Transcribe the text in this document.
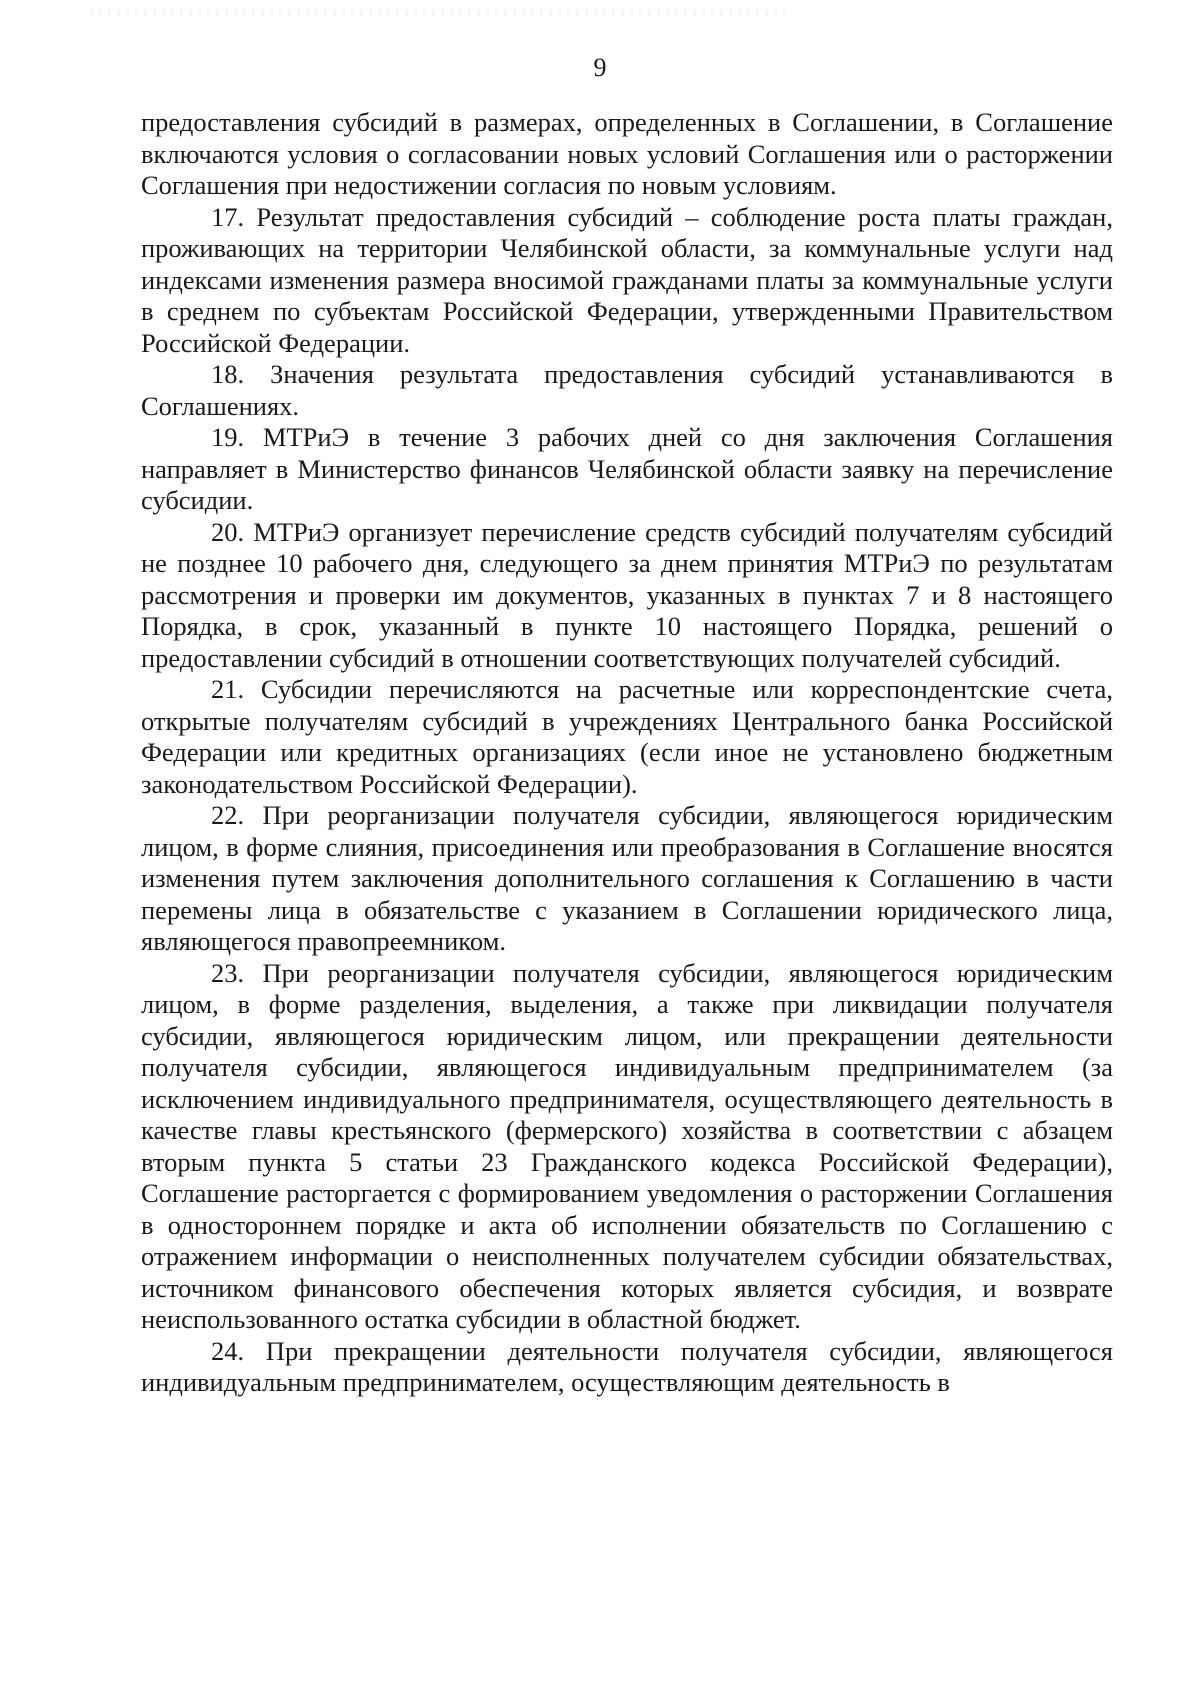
9

предоставления субсидий в размерах, определенных в Соглашении, в Соглашение включаются условия о согласовании новых условий Соглашения или о расторжении Соглашения при недостижении согласия по новым условиям.

17. Результат предоставления субсидий – соблюдение роста платы граждан, проживающих на территории Челябинской области, за коммунальные услуги над индексами изменения размера вносимой гражданами платы за коммунальные услуги в среднем по субъектам Российской Федерации, утвержденными Правительством Российской Федерации.

18. Значения результата предоставления субсидий устанавливаются в Соглашениях.

19. МТРиЭ в течение 3 рабочих дней со дня заключения Соглашения направляет в Министерство финансов Челябинской области заявку на перечисление субсидии.

20. МТРиЭ организует перечисление средств субсидий получателям субсидий не позднее 10 рабочего дня, следующего за днем принятия МТРиЭ по результатам рассмотрения и проверки им документов, указанных в пунктах 7 и 8 настоящего Порядка, в срок, указанный в пункте 10 настоящего Порядка, решений о предоставлении субсидий в отношении соответствующих получателей субсидий.

21. Субсидии перечисляются на расчетные или корреспондентские счета, открытые получателям субсидий в учреждениях Центрального банка Российской Федерации или кредитных организациях (если иное не установлено бюджетным законодательством Российской Федерации).

22. При реорганизации получателя субсидии, являющегося юридическим лицом, в форме слияния, присоединения или преобразования в Соглашение вносятся изменения путем заключения дополнительного соглашения к Соглашению в части перемены лица в обязательстве с указанием в Соглашении юридического лица, являющегося правопреемником.

23. При реорганизации получателя субсидии, являющегося юридическим лицом, в форме разделения, выделения, а также при ликвидации получателя субсидии, являющегося юридическим лицом, или прекращении деятельности получателя субсидии, являющегося индивидуальным предпринимателем (за исключением индивидуального предпринимателя, осуществляющего деятельность в качестве главы крестьянского (фермерского) хозяйства в соответствии с абзацем вторым пункта 5 статьи 23 Гражданского кодекса Российской Федерации), Соглашение расторгается с формированием уведомления о расторжении Соглашения в одностороннем порядке и акта об исполнении обязательств по Соглашению с отражением информации о неисполненных получателем субсидии обязательствах, источником финансового обеспечения которых является субсидия, и возврате неиспользованного остатка субсидии в областной бюджет.

24. При прекращении деятельности получателя субсидии, являющегося индивидуальным предпринимателем, осуществляющим деятельность в
